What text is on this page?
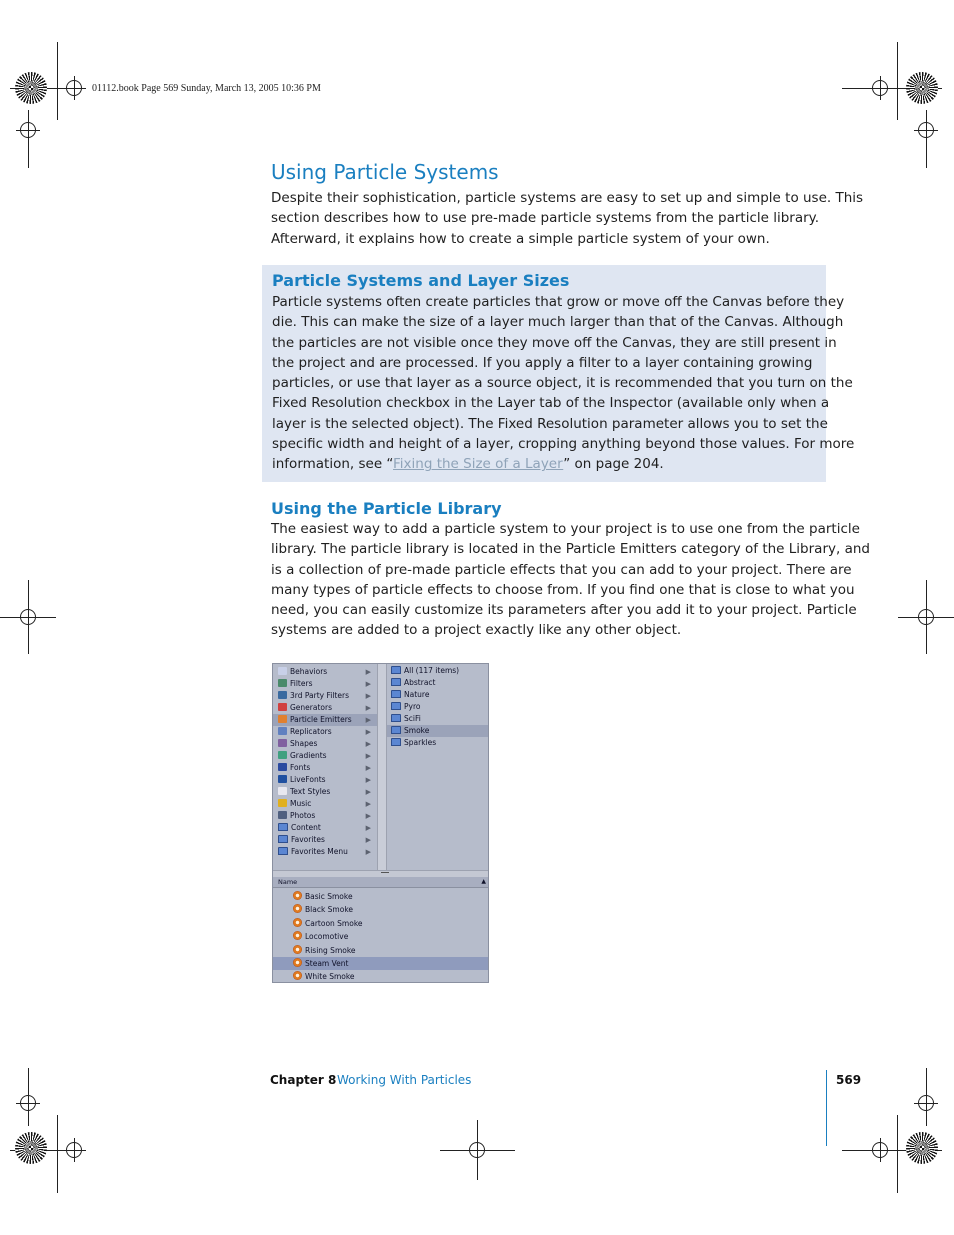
01112.book Page 569 Sunday, March 13, 2005 10:36 PM
Using Particle Systems
Despite their sophistication, particle systems are easy to set up and simple to use. This
section describes how to use pre-made particle systems from the particle library.
Afterward, it explains how to create a simple particle system of your own.
Particle Systems and Layer Sizes
Particle systems often create particles that grow or move off the Canvas before they
die. This can make the size of a layer much larger than that of the Canvas. Although
the particles are not visible once they move off the Canvas, they are still present in
the project and are processed. If you apply a filter to a layer containing growing
particles, or use that layer as a source object, it is recommended that you turn on the
Fixed Resolution checkbox in the Layer tab of the Inspector (available only when a
layer is the selected object). The Fixed Resolution parameter allows you to set the
specific width and height of a layer, cropping anything beyond those values. For more
information, see “Fixing the Size of a Layer” on page 204.
Using the Particle Library
The easiest way to add a particle system to your project is to use one from the particle
library. The particle library is located in the Particle Emitters category of the Library, and
is a collection of pre-made particle effects that you can add to your project. There are
many types of particle effects to choose from. If you find one that is close to what you
need, you can easily customize its parameters after you add it to your project. Particle
systems are added to a project exactly like any other object.
Behaviors	▶
Filters	▶
3rd Party Filters ▶
Generators	▶
Particle Emitters ▶
Replicators	▶
Shapes	▶
Gradients	▶
Fonts	▶
LiveFonts	▶
Text Styles	▶
Music	▶
Photos	▶
Content	▶
Favorites	▶
Favorites Menu	▶
All (117 items)
Abstract
Nature
Pyro
SciFi
Smoke
Sparkles
Name	▲
Basic Smoke
Black Smoke
Cartoon Smoke
Locomotive
Rising Smoke
Steam Vent
White Smoke
Chapter 8 Working With Particles	569
